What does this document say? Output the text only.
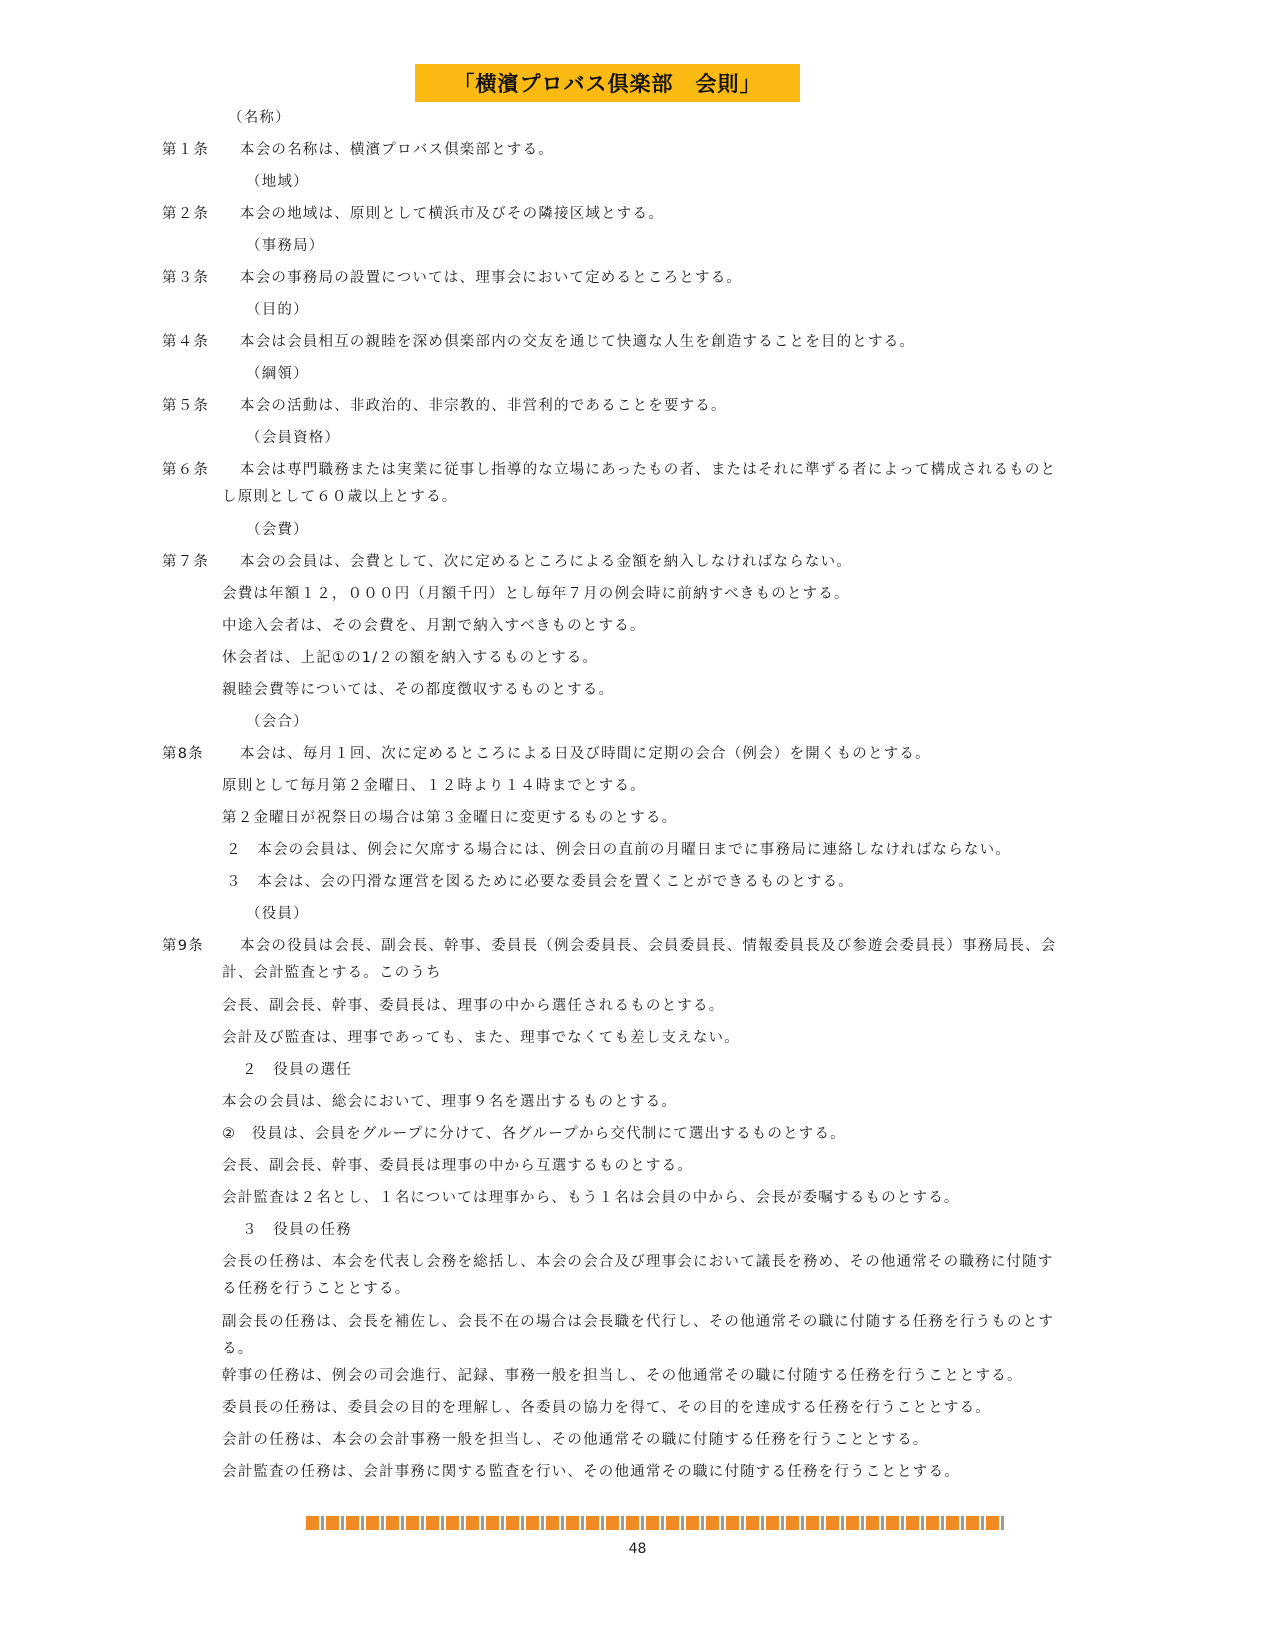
「横濱プロバス倶楽部　会則」
（名称）
第１条 本会の名称は、横濱プロバス倶楽部とする。
（地域）
第２条 本会の地域は、原則として横浜市及びその隣接区域とする。
（事務局）
第３条 本会の事務局の設置については、理事会において定めるところとする。
（目的）
第４条 本会は会員相互の親睦を深め倶楽部内の交友を通じて快適な人生を創造することを目的とする。
（綱領）
第５条 本会の活動は、非政治的、非宗教的、非営利的であることを要する。
（会員資格）
第６条 本会は専門職務または実業に従事し指導的な立場にあったもの者、またはそれに準ずる者によって構成されるものと
し原則として６０歳以上とする。
（会費）
第７条 本会の会員は、会費として、次に定めるところによる金額を納入しなければならない。
会費は年額１２，０００円（月額千円）とし毎年７月の例会時に前納すべきものとする。
中途入会者は、その会費を、月割で納入すべきものとする。
休会者は、上記①の1/２の額を納入するものとする。
親睦会費等については、その都度徴収するものとする。
（会合）
第8条 本会は、毎月１回、次に定めるところによる日及び時間に定期の会合（例会）を開くものとする。
原則として毎月第２金曜日、１２時より１４時までとする。
第２金曜日が祝祭日の場合は第３金曜日に変更するものとする。
２　本会の会員は、例会に欠席する場合には、例会日の直前の月曜日までに事務局に連絡しなければならない。
３　本会は、会の円滑な運営を図るために必要な委員会を置くことができるものとする。
（役員）
第9条 本会の役員は会長、副会長、幹事、委員長（例会委員長、会員委員長、情報委員長及び参遊会委員長）事務局長、会
計、会計監査とする。このうち
会長、副会長、幹事、委員長は、理事の中から選任されるものとする。
会計及び監査は、理事であっても、また、理事でなくても差し支えない。
２　役員の選任
本会の会員は、総会において、理事９名を選出するものとする。
②　役員は、会員をグループに分けて、各グループから交代制にて選出するものとする。
会長、副会長、幹事、委員長は理事の中から互選するものとする。
会計監査は２名とし、１名については理事から、もう１名は会員の中から、会長が委嘱するものとする。
３　役員の任務
会長の任務は、本会を代表し会務を総括し、本会の会合及び理事会において議長を務め、その他通常その職務に付随す
る任務を行うこととする。
副会長の任務は、会長を補佐し、会長不在の場合は会長職を代行し、その他通常その職に付随する任務を行うものとす
る。
幹事の任務は、例会の司会進行、記録、事務一般を担当し、その他通常その職に付随する任務を行うこととする。
委員長の任務は、委員会の目的を理解し、各委員の協力を得て、その目的を達成する任務を行うこととする。
会計の任務は、本会の会計事務一般を担当し、その他通常その職に付随する任務を行うこととする。
会計監査の任務は、会計事務に関する監査を行い、その他通常その職に付随する任務を行うこととする。
48
